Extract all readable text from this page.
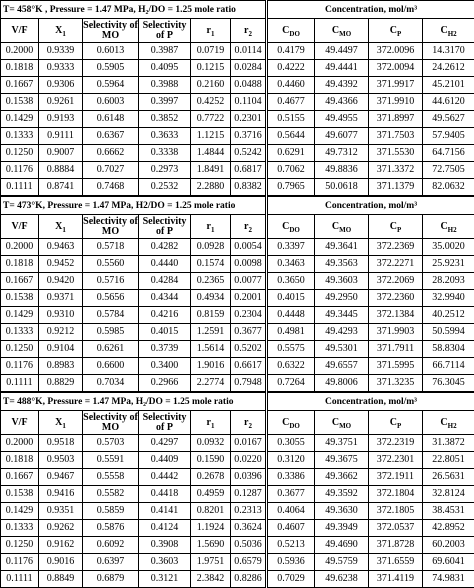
T= 458°K , Pressure = 1.47 MPa, H₂/DO = 1.25 mole ratio						Concentration, mol/m³			
V/F	$X_1$	Selectivity of MO	Selectivity of P	$r_1$	$r_2$	$C_{DO}$	$C_{MO}$	$C_P$	$C_{H2}$
0.2000	0.9339	0.6013	0.3987	0.0719	0.0114	0.4179	49.4497	372.0096	14.3170
0.1818	0.9333	0.5905	0.4095	0.1215	0.0284	0.4222	49.4441	372.0094	24.2612
0.1667	0.9306	0.5964	0.3988	0.2160	0.0488	0.4460	49.4392	371.9917	45.2101
0.1538	0.9261	0.6003	0.3997	0.4252	0.1104	0.4677	49.4366	371.9910	44.6120
0.1429	0.9193	0.6148	0.3852	0.7722	0.2301	0.5155	49.4955	371.8997	49.5627
0.1333	0.9111	0.6367	0.3633	1.1215	0.3716	0.5644	49.6077	371.7503	57.9405
0.1250	0.9007	0.6662	0.3338	1.4844	0.5242	0.6291	49.7312	371.5530	64.7156
0.1176	0.8884	0.7027	0.2973	1.8491	0.6817	0.7062	49.8836	371.3372	72.7505
0.1111	0.8741	0.7468	0.2532	2.2880	0.8382	0.7965	50.0618	371.1379	82.0632
T= 473°K, Pressure = 1.47 MPa, H2/DO = 1.25 mole ratio						Concentration, mol/m³			
V/F	$X_1$	Selectivity of MO	Selectivity of P	$r_1$	$r_2$	$C_{DO}$	$C_{MO}$	$C_P$	$C_{H2}$
0.2000	0.9463	0.5718	0.4282	0.0928	0.0054	0.3397	49.3641	372.2369	35.0020
0.1818	0.9452	0.5560	0.4440	0.1574	0.0098	0.3463	49.3563	372.2271	25.9231
0.1667	0.9420	0.5716	0.4284	0.2365	0.0077	0.3650	49.3603	372.2069	28.2093
0.1538	0.9371	0.5656	0.4344	0.4934	0.2001	0.4015	49.2950	372.2360	32.9940
0.1429	0.9310	0.5784	0.4216	0.8159	0.2304	0.4448	49.3445	372.1384	40.2512
0.1333	0.9212	0.5985	0.4015	1.2591	0.3677	0.4981	49.4293	371.9903	50.5994
0.1250	0.9104	0.6261	0.3739	1.5614	0.5202	0.5575	49.5301	371.7911	58.8304
0.1176	0.8983	0.6600	0.3400	1.9016	0.6617	0.6322	49.6557	371.5995	66.7114
0.1111	0.8829	0.7034	0.2966	2.2774	0.7948	0.7264	49.8006	371.3235	76.3045
T= 488°K, Pressure = 1.47 MPa, H₂/DO = 1.25 mole ratio						Concentration, mol/m³			
V/F	$X_1$	Selectivity of MO	Selectivity of P	$r_1$	$r_2$	$C_{DO}$	$C_{MO}$	$C_P$	$C_{H2}$
0.2000	0.9518	0.5703	0.4297	0.0932	0.0167	0.3055	49.3751	372.2319	31.3872
0.1818	0.9503	0.5591	0.4409	0.1590	0.0220	0.3120	49.3675	372.2301	22.8051
0.1667	0.9467	0.5558	0.4442	0.2678	0.0396	0.3386	49.3662	372.1911	26.5631
0.1538	0.9416	0.5582	0.4418	0.4959	0.1287	0.3677	49.3592	372.1804	32.8124
0.1429	0.9351	0.5859	0.4141	0.8201	0.2313	0.4064	49.3630	372.1805	38.4531
0.1333	0.9262	0.5876	0.4124	1.1924	0.3624	0.4607	49.3949	372.0537	42.8952
0.1250	0.9162	0.6092	0.3908	1.5690	0.5036	0.5213	49.4690	371.8728	60.2003
0.1176	0.9016	0.6397	0.3603	1.9751	0.6579	0.5936	49.5759	371.6559	69.6041
0.1111	0.8849	0.6879	0.3121	2.3842	0.8286	0.7029	49.6238	371.4119	74.9831
